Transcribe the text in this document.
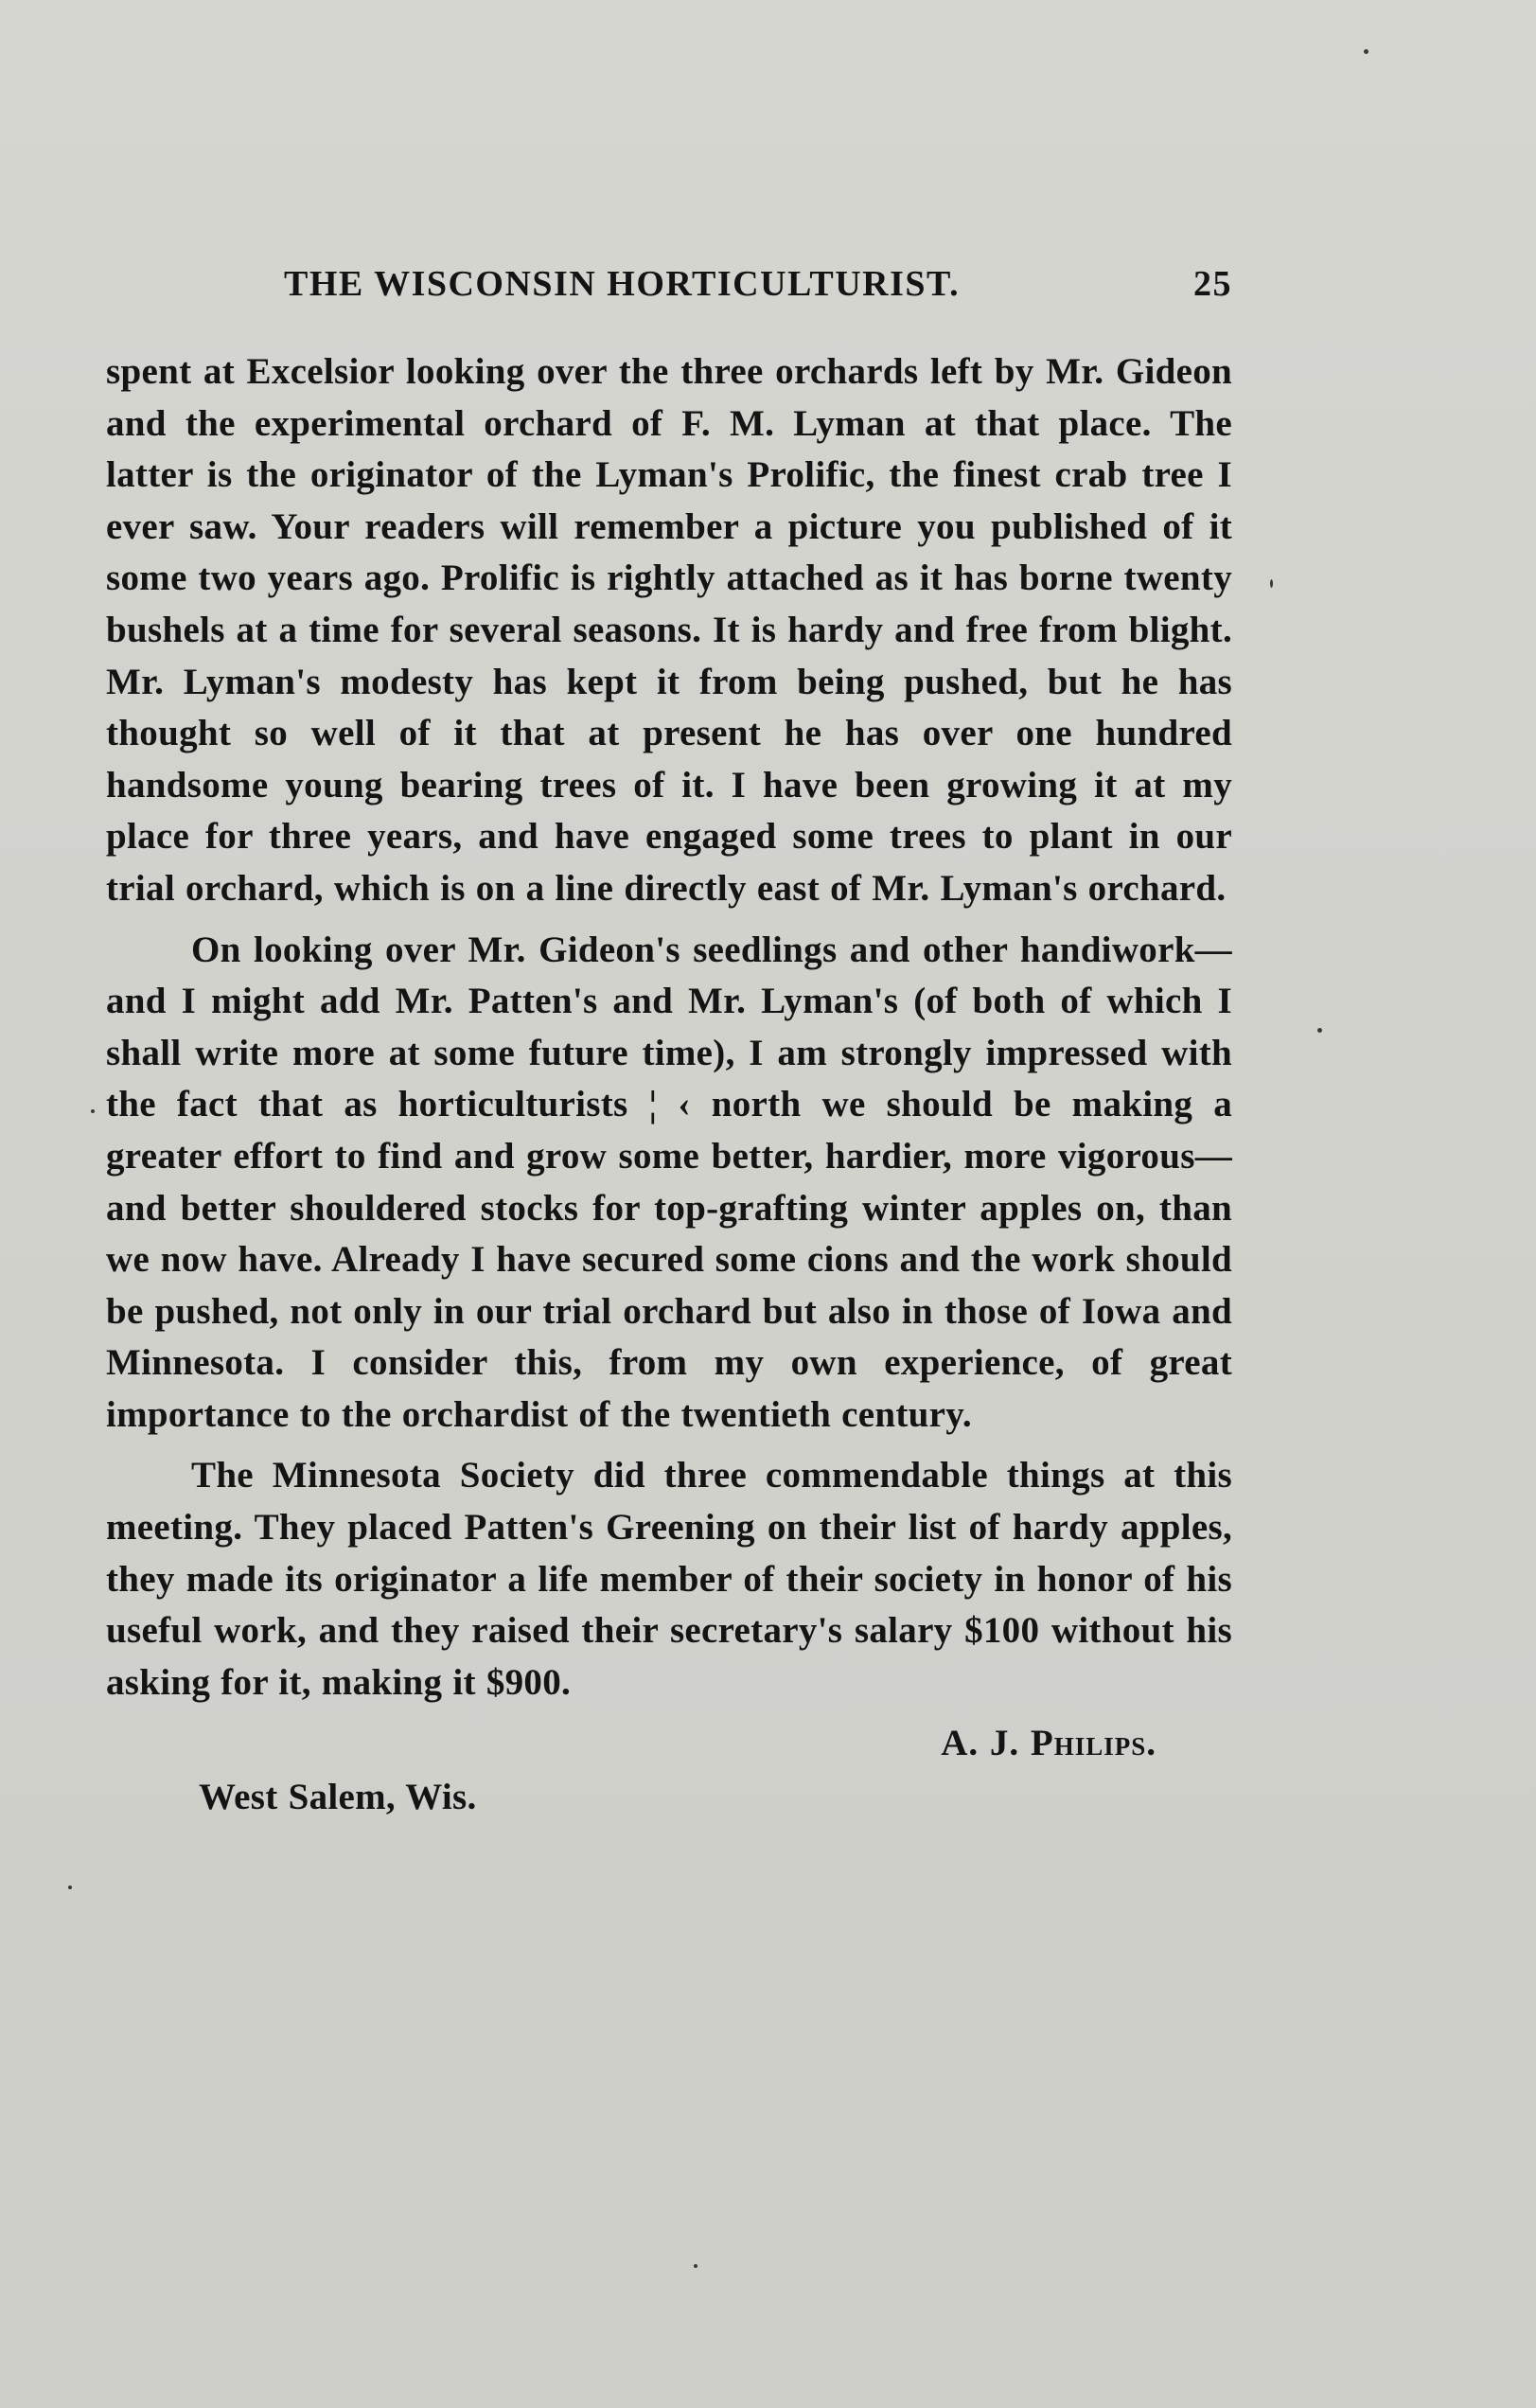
THE WISCONSIN HORTICULTURIST.	25

spent at Excelsior looking over the three orchards left by Mr. Gideon and the experimental orchard of F. M. Lyman at that place. The latter is the originator of the Lyman's Prolific, the finest crab tree I ever saw. Your readers will remember a picture you published of it some two years ago. Prolific is rightly attached as it has borne twenty bushels at a time for several seasons. It is hardy and free from blight. Mr. Lyman's modesty has kept it from being pushed, but he has thought so well of it that at present he has over one hundred handsome young bearing trees of it. I have been growing it at my place for three years, and have engaged some trees to plant in our trial orchard, which is on a line directly east of Mr. Lyman's orchard.

On looking over Mr. Gideon's seedlings and other handiwork—and I might add Mr. Patten's and Mr. Lyman's (of both of which I shall write more at some future time), I am strongly impressed with the fact that as horticulturists ¦ ‹ north we should be making a greater effort to find and grow some better, hardier, more vigorous—and better shouldered stocks for top-grafting winter apples on, than we now have. Already I have secured some cions and the work should be pushed, not only in our trial orchard but also in those of Iowa and Minnesota. I consider this, from my own experience, of great importance to the orchardist of the twentieth century.

The Minnesota Society did three commendable things at this meeting. They placed Patten's Greening on their list of hardy apples, they made its originator a life member of their society in honor of his useful work, and they raised their secretary's salary $100 without his asking for it, making it $900.

A. J. Philips.
West Salem, Wis.
